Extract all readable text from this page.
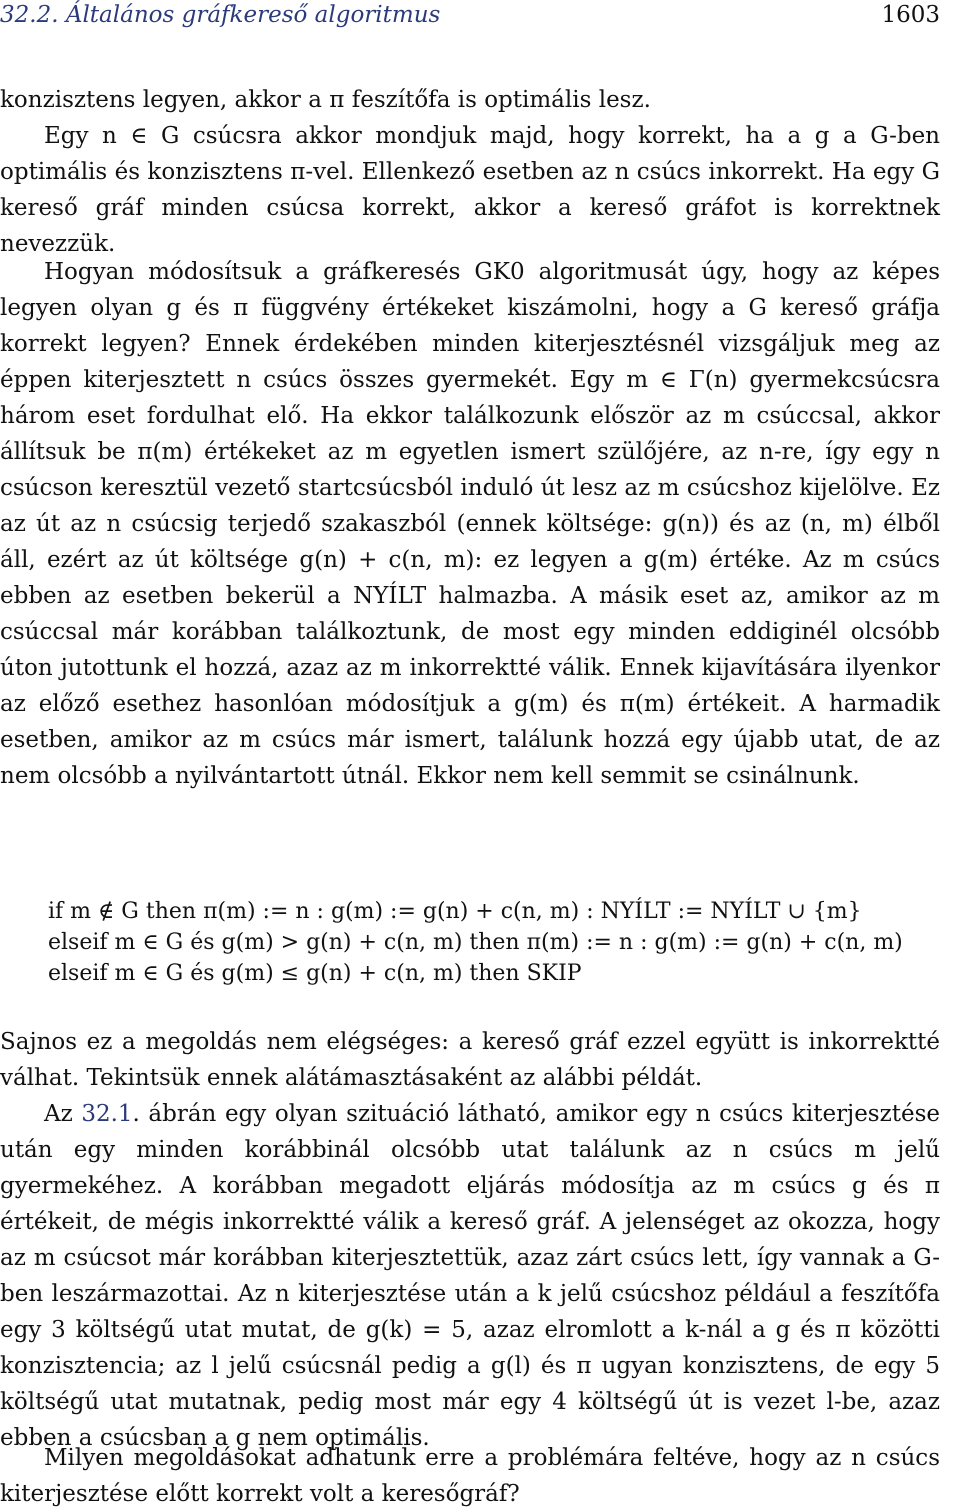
32.2. Általános gráfkereső algoritmus	1603

konzisztens legyen, akkor a π feszítőfa is optimális lesz.

Egy n ∈ G csúcsra akkor mondjuk majd, hogy korrekt, ha a g a G-ben optimális és konzisztens π-vel. Ellenkező esetben az n csúcs inkorrekt. Ha egy G kereső gráf minden csúcsa korrekt, akkor a kereső gráfot is korrektnek nevezzük.

Hogyan módosítsuk a gráfkeresés GK0 algoritmusát úgy, hogy az képes legyen olyan g és π függvény értékeket kiszámolni, hogy a G kereső gráfja korrekt legyen? Ennek érdekében minden kiterjesztésnél vizsgáljuk meg az éppen kiterjesztett n csúcs összes gyermekét. Egy m ∈ Γ(n) gyermekcsúcsra három eset fordulhat elő. Ha ekkor találkozunk először az m csúccsal, akkor állítsuk be π(m) értékeket az m egyetlen ismert szülőjére, az n-re, így egy n csúcson keresztül vezető startcsúcsból induló út lesz az m csúcshoz kijelölve. Ez az út az n csúcsig terjedő szakaszból (ennek költsége: g(n)) és az (n, m) élből áll, ezért az út költsége g(n) + c(n, m): ez legyen a g(m) értéke. Az m csúcs ebben az esetben bekerül a NYÍLT halmazba. A másik eset az, amikor az m csúccsal már korábban találkoztunk, de most egy minden eddiginél olcsóbb úton jutottunk el hozzá, azaz az m inkorrektté válik. Ennek kijavítására ilyenkor az előző esethez hasonlóan módosítjuk a g(m) és π(m) értékeit. A harmadik esetben, amikor az m csúcs már ismert, találunk hozzá egy újabb utat, de az nem olcsóbb a nyilvántartott útnál. Ekkor nem kell semmit se csinálnunk.

if m ∉ G then π(m) := n : g(m) := g(n) + c(n, m) : NYÍLT := NYÍLT ∪ {m}
elseif m ∈ G és g(m) > g(n) + c(n, m) then π(m) := n : g(m) := g(n) + c(n, m)
elseif m ∈ G és g(m) ≤ g(n) + c(n, m) then SKIP

Sajnos ez a megoldás nem elégséges: a kereső gráf ezzel együtt is inkorrektté válhat. Tekintsük ennek alátámasztásaként az alábbi példát.

Az 32.1. ábrán egy olyan szituáció látható, amikor egy n csúcs kiterjesztése után egy minden korábbinál olcsóbb utat találunk az n csúcs m jelű gyermekéhez. A korábban megadott eljárás módosítja az m csúcs g és π értékeit, de mégis inkorrektté válik a kereső gráf. A jelenséget az okozza, hogy az m csúcsot már korábban kiterjesztettük, azaz zárt csúcs lett, így vannak a G-ben leszármazottai. Az n kiterjesztése után a k jelű csúcshoz például a feszítőfa egy 3 költségű utat mutat, de g(k) = 5, azaz elromlott a k-nál a g és π közötti konzisztencia; az l jelű csúcsnál pedig a g(l) és π ugyan konzisztens, de egy 5 költségű utat mutatnak, pedig most már egy 4 költségű út is vezet l-be, azaz ebben a csúcsban a g nem optimális.

Milyen megoldásokat adhatunk erre a problémára feltéve, hogy az n csúcs kiterjesztése előtt korrekt volt a keresőgráf?
